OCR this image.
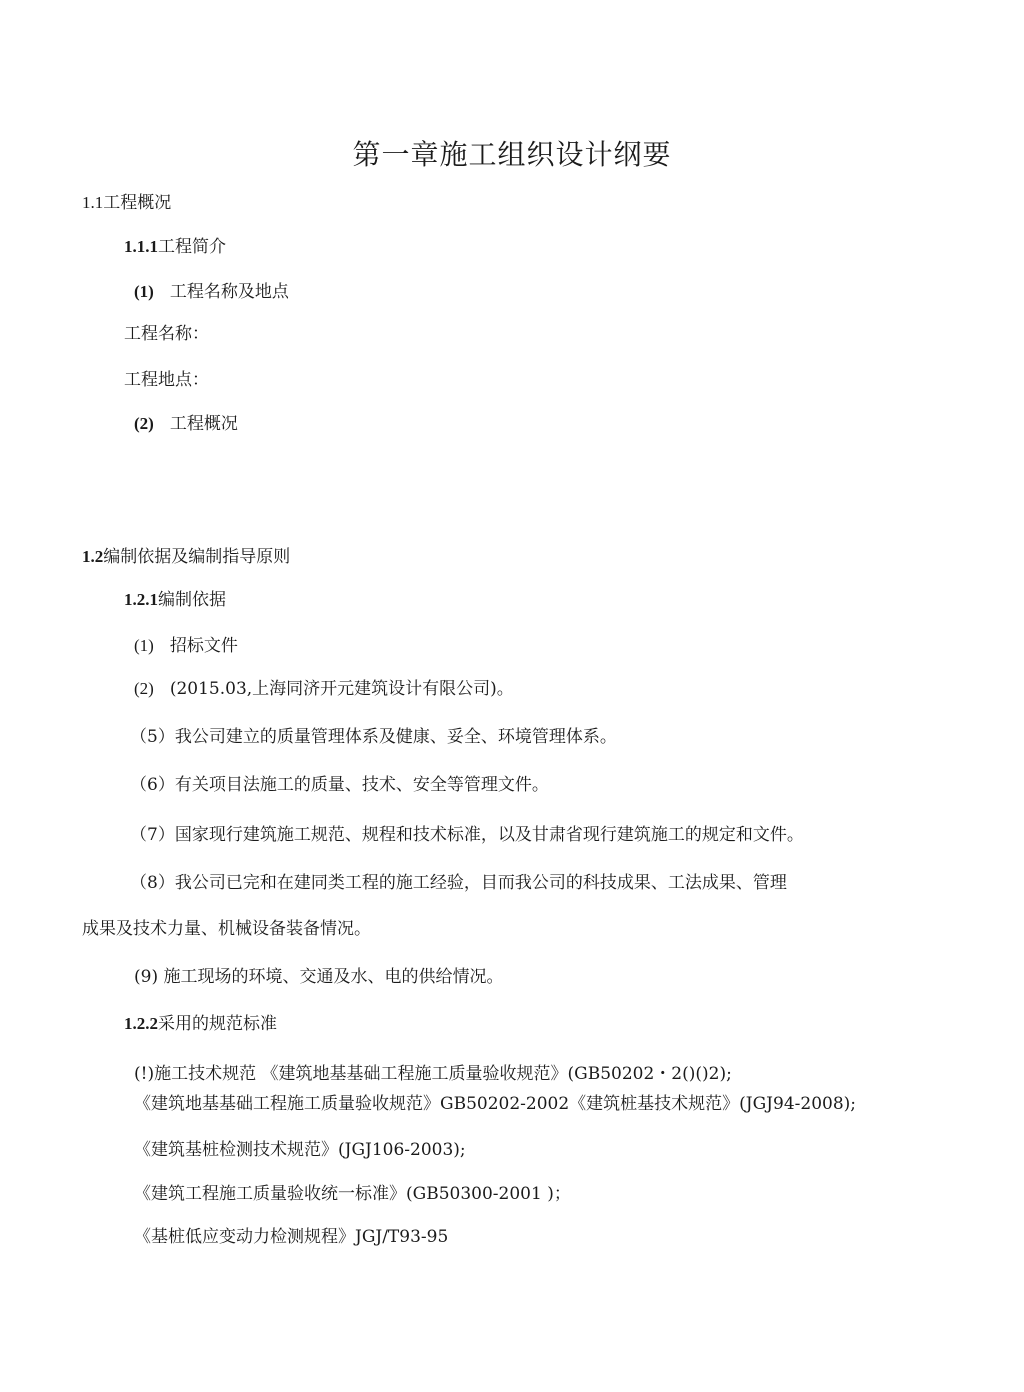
第一章施工组织设计纲要
1.1工程概况
1.1.1工程简介
(1) 工程名称及地点
工程名称：
工程地点：
(2) 工程概况
1.2编制依据及编制指导原则
1.2.1编制依据
(1) 招标文件
(2) (2015.03,上海同济开元建筑设计有限公司)。
（5）我公司建立的质量管理体系及健康、妥全、环境管理体系。
（6）有关项目法施工的质量、技术、安全等管理文件。
（7）国家现行建筑施工规范、规程和技术标准，以及甘肃省现行建筑施工的规定和文件。
（8）我公司已完和在建同类工程的施工经验，目而我公司的科技成果、工法成果、管理
成果及技术力量、机械设备装备情况。
(9) 施工现场的环境、交通及水、电的供给情况。
1.2.2采用的规范标准
(!)施工技术规范 《建筑地基基础工程施工质量验收规范》(GB50202・2()()2);
《建筑地基基础工程施工质量验收规范》GB50202-2002《建筑桩基技术规范》(JGJ94-2008);
《建筑基桩检测技术规范》(JGJ106-2003);
《建筑工程施工质量验收统一标准》(GB50300-2001 )；
《基桩低应变动力检测规程》JGJ/T93-95
